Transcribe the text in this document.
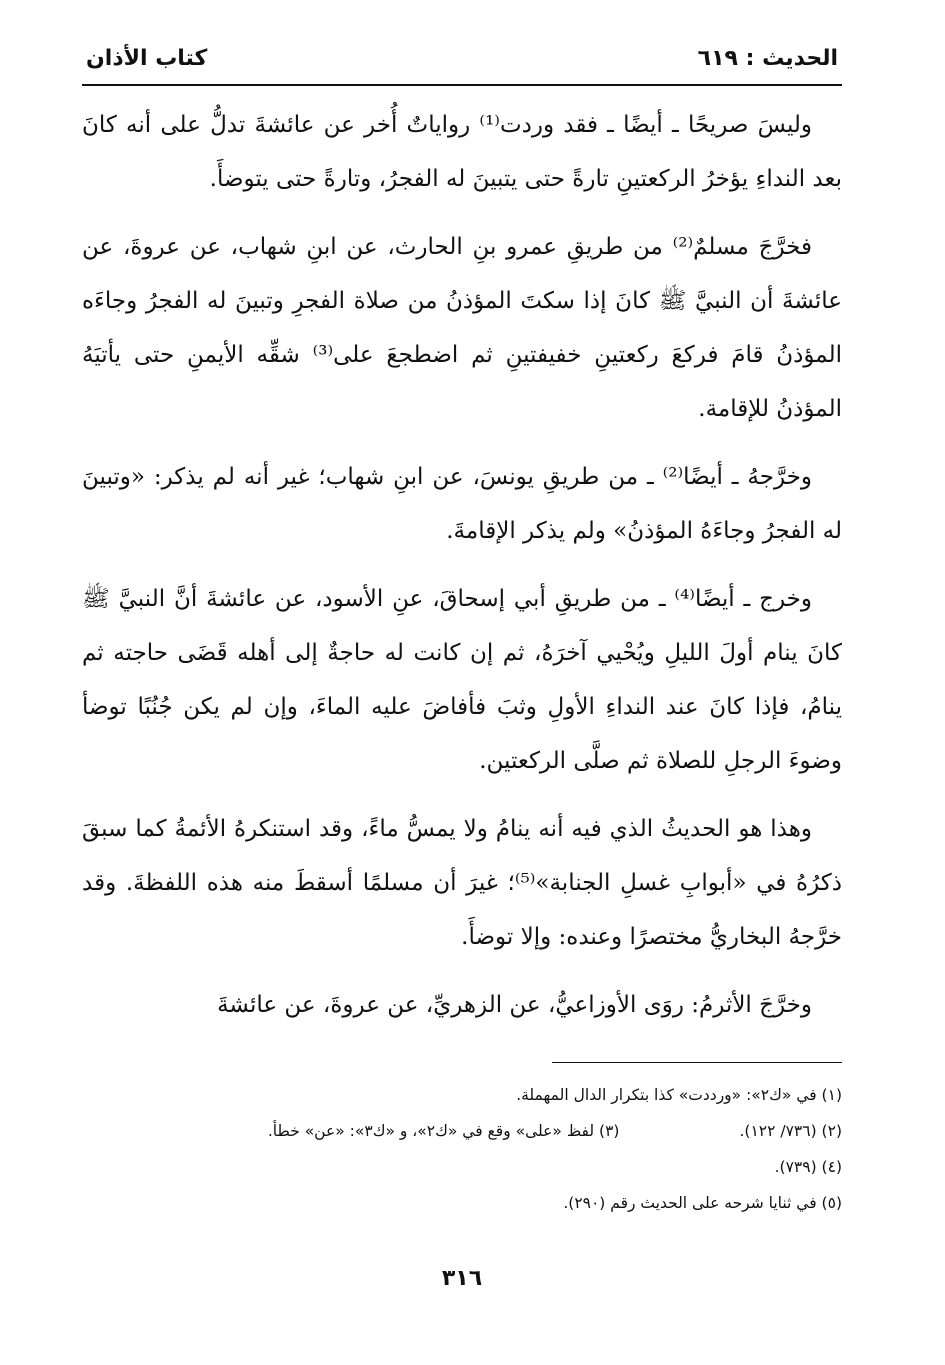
الحديث : ٦١٩
كتاب الأذان

وليسَ صريحًا ـ أيضًا ـ فقد وردت⁽¹⁾ رواياتٌ أُخر عن عائشةَ تدلُّ على أنه كانَ بعد النداءِ يؤخرُ الركعتينِ تارةً حتى يتبينَ له الفجرُ، وتارةً حتى يتوضأَ.

فخرَّجَ مسلمٌ⁽²⁾ من طريقِ عمرو بنِ الحارث، عن ابنِ شهاب، عن عروةَ، عن عائشةَ أن النبيَّ ﷺ كانَ إذا سكتَ المؤذنُ من صلاة الفجرِ وتبينَ له الفجرُ وجاءَه المؤذنُ قامَ فركعَ ركعتينِ خفيفتينِ ثم اضطجعَ على⁽³⁾ شقِّه الأيمنِ حتى يأتيَهُ المؤذنُ للإقامة.

وخرَّجهُ ـ أيضًا⁽²⁾ ـ من طريقِ يونسَ، عن ابنِ شهاب؛ غير أنه لم يذكر: «وتبينَ له الفجرُ وجاءَهُ المؤذنُ» ولم يذكر الإقامةَ.

وخرج ـ أيضًا⁽⁴⁾ ـ من طريقِ أبي إسحاقَ، عنِ الأسود، عن عائشةَ أنَّ النبيَّ ﷺ كانَ ينام أولَ الليلِ ويُحْيي آخرَهُ، ثم إن كانت له حاجةٌ إلى أهله قَضَى حاجته ثم ينامُ، فإذا كانَ عند النداءِ الأولِ وثبَ فأفاضَ عليه الماءَ، وإن لم يكن جُنُبًا توضأ وضوءَ الرجلِ للصلاة ثم صلَّى الركعتين.

وهذا هو الحديثُ الذي فيه أنه ينامُ ولا يمسُّ ماءً، وقد استنكرهُ الأئمةُ كما سبقَ ذكرُهُ في «أبوابِ غسلِ الجنابة»⁽⁵⁾؛ غيرَ أن مسلمًا أسقطَ منه هذه اللفظةَ. وقد خرَّجهُ البخاريُّ مختصرًا وعنده: وإلا توضأَ.

وخرَّجَ الأثرمُ: روَى الأوزاعيُّ، عن الزهريِّ، عن عروةَ، عن عائشةَ

(١) في «ك٢»: «ورددت» كذا بتكرار الدال المهملة.
(٢) (٧٣٦/ ١٢٢).
(٣) لفظ «على» وقع في «ك٢»، و «ك٣»: «عن» خطأ.
(٤) (٧٣٩).
(٥) في ثنايا شرحه على الحديث رقم (٢٩٠).
٣١٦
